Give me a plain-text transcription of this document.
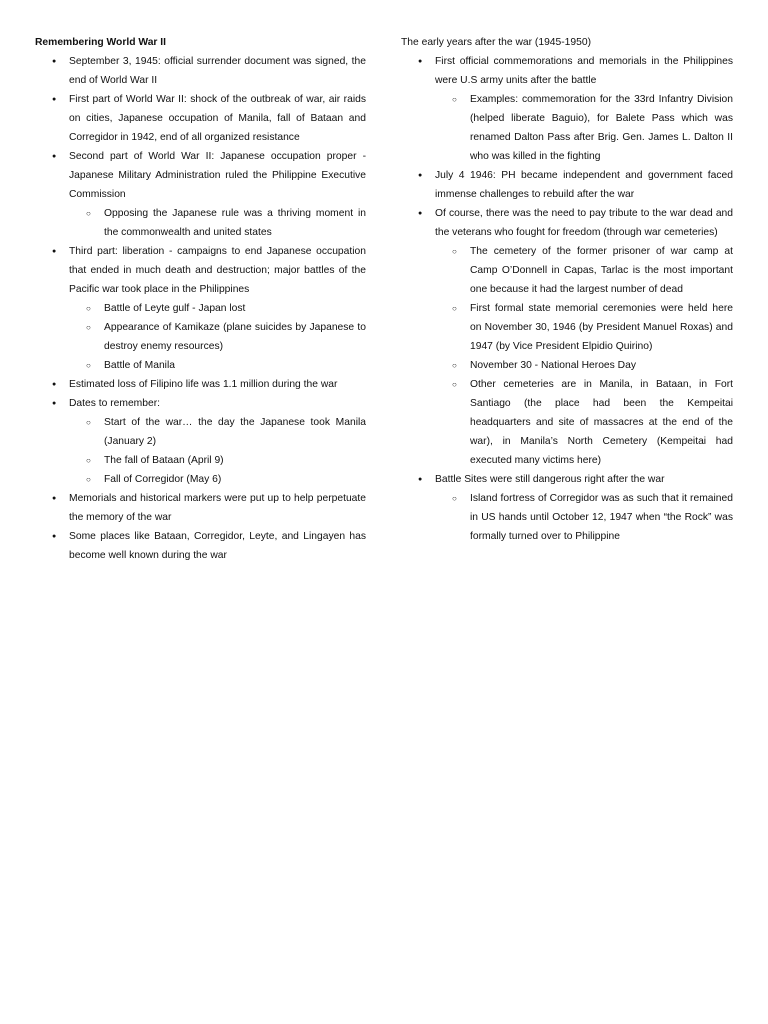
Remembering World War II
● September 3, 1945: official surrender document was signed, the end of World War II
● First part of World War II: shock of the outbreak of war, air raids on cities, Japanese occupation of Manila, fall of Bataan and Corregidor in 1942, end of all organized resistance
● Second part of World War II: Japanese occupation proper - Japanese Military Administration ruled the Philippine Executive Commission
○ Opposing the Japanese rule was a thriving moment in the commonwealth and united states
● Third part: liberation - campaigns to end Japanese occupation that ended in much death and destruction; major battles of the Pacific war took place in the Philippines
○ Battle of Leyte gulf - Japan lost
○ Appearance of Kamikaze (plane suicides by Japanese to destroy enemy resources)
○ Battle of Manila
● Estimated loss of Filipino life was 1.1 million during the war
● Dates to remember:
○ Start of the war… the day the Japanese took Manila (January 2)
○ The fall of Bataan (April 9)
○ Fall of Corregidor (May 6)
● Memorials and historical markers were put up to help perpetuate the memory of the war
● Some places like Bataan, Corregidor, Leyte, and Lingayen has become well known during the war

The early years after the war (1945-1950)

● First official commemorations and memorials in the Philippines were U.S army units after the battle
○ Examples: commemoration for the 33rd Infantry Division (helped liberate Baguio), for Balete Pass which was renamed Dalton Pass after Brig. Gen. James L. Dalton II who was killed in the fighting
● July 4 1946: PH became independent and government faced immense challenges to rebuild after the war
● Of course, there was the need to pay tribute to the war dead and the veterans who fought for freedom (through war cemeteries)
○ The cemetery of the former prisoner of war camp at Camp O’Donnell in Capas, Tarlac is the most important one because it had the largest number of dead
○ First formal state memorial ceremonies were held here on November 30, 1946 (by President Manuel Roxas) and 1947 (by Vice President Elpidio Quirino)
○ November 30 - National Heroes Day
○ Other cemeteries are in Manila, in Bataan, in Fort Santiago (the place had been the Kempeitai headquarters and site of massacres at the end of the war), in Manila’s North Cemetery (Kempeitai had executed many victims here)
● Battle Sites were still dangerous right after the war
○ Island fortress of Corregidor was as such that it remained in US hands until October 12, 1947 when “the Rock” was formally turned over to Philippine
